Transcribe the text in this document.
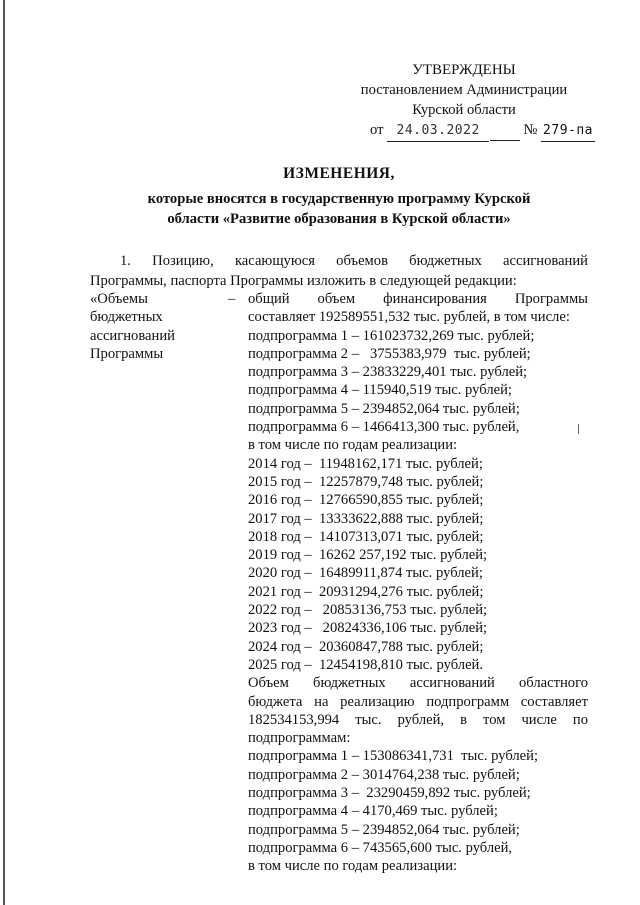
УТВЕРЖДЕНЫ
постановлением Администрации
Курской области
от 24.03.2022	№ 279-па
ИЗМЕНЕНИЯ,
которые вносятся в государственную программу Курской
области «Развитие образования в Курской области»
1. Позицию, касающуюся объемов бюджетных ассигнований
Программы, паспорта Программы изложить в следующей редакции:
«Объемы
бюджетных
ассигнований
Программы
– общий объем финансирования Программы
составляет 192589551,532 тыс. рублей, в том числе:
подпрограмма 1 – 161023732,269 тыс. рублей;
подпрограмма 2 –   3755383,979  тыс. рублей;
подпрограмма 3 – 23833229,401 тыс. рублей;
подпрограмма 4 – 115940,519 тыс. рублей;
подпрограмма 5 – 2394852,064 тыс. рублей;
подпрограмма 6 – 1466413,300 тыс. рублей,
в том числе по годам реализации:
2014 год –  11948162,171 тыс. рублей;
2015 год –  12257879,748 тыс. рублей;
2016 год –  12766590,855 тыс. рублей;
2017 год –  13333622,888 тыс. рублей;
2018 год –  14107313,071 тыс. рублей;
2019 год –  16262 257,192 тыс. рублей;
2020 год –  16489911,874 тыс. рублей;
2021 год –  20931294,276 тыс. рублей;
2022 год –   20853136,753 тыс. рублей;
2023 год –   20824336,106 тыс. рублей;
2024 год –  20360847,788 тыс. рублей;
2025 год –  12454198,810 тыс. рублей.
Объем бюджетных ассигнований областного
бюджета на реализацию подпрограмм составляет
182534153,994 тыс. рублей, в том числе по
подпрограммам:
подпрограмма 1 – 153086341,731  тыс. рублей;
подпрограмма 2 – 3014764,238 тыс. рублей;
подпрограмма 3 –  23290459,892 тыс. рублей;
подпрограмма 4 – 4170,469 тыс. рублей;
подпрограмма 5 – 2394852,064 тыс. рублей;
подпрограмма 6 – 743565,600 тыс. рублей,
в том числе по годам реализации:
